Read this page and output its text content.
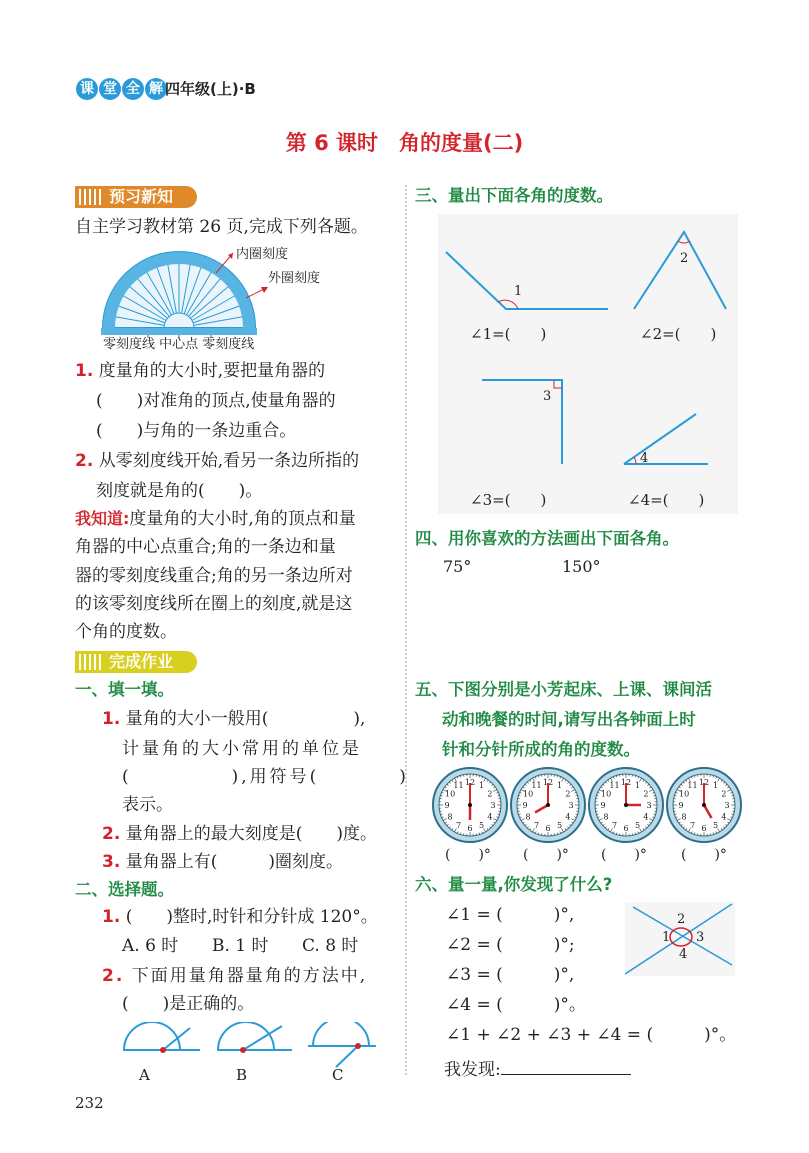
课 堂 全 解 四年级(上)·B
第 6 课时　角的度量(二)
预习新知
自主学习教材第 26 页,完成下列各题。
内圈刻度
外圈刻度
零刻度线 中心点 零刻度线
1. 度量角的大小时,要把量角器的
(　　)对准角的顶点,使量角器的
(　　)与角的一条边重合。
2. 从零刻度线开始,看另一条边所指的
刻度就是角的(　　)。
我知道:度量角的大小时,角的顶点和量
角器的中心点重合;角的一条边和量
器的零刻度线重合;角的另一条边所对
的该零刻度线所在圈上的刻度,就是这
个角的度数。
完成作业
一、填一填。
1. 量角的大小一般用(　　　　　),
计量角的大小常用的单位是
(　　　　　),用符号(　　　　)
表示。
2. 量角器上的最大刻度是(　　)度。
3. 量角器上有(　　　)圈刻度。
二、选择题。
1. (　　)整时,时针和分针成 120°。
A. 6 时 B. 1 时 C. 8 时
2. 下面用量角器量角的方法中,
(　　)是正确的。
A	B	C
232
三、量出下面各角的度数。
1
2
3
4
∠1=(　　)	∠2=(　　)
∠3=(　　)	∠4=(　　)
四、用你喜欢的方法画出下面各角。
75°	150°
五、下图分别是小芳起床、上课、课间活
动和晚餐的时间,请写出各钟面上时
针和分针所成的角的度数。
1
2
3
4
5
6
7
8
9
10
11 12	1
2
3
4
5
6
7
8
9
10
11 12	1
2
3
4
5
6
7
8
9
10
11 12	1
2
3
4
5
6
7
8
9
10
11 12
(　　)° (　　)° (　　)° (　　)°
六、量一量,你发现了什么?
∠1 = (　　　)°,
∠2 = (　　　)°;
∠3 = (　　　)°,
∠4 = (　　　)°。
∠1 + ∠2 + ∠3 + ∠4 = (　　　)°。
我发现:
2
1 3
4
